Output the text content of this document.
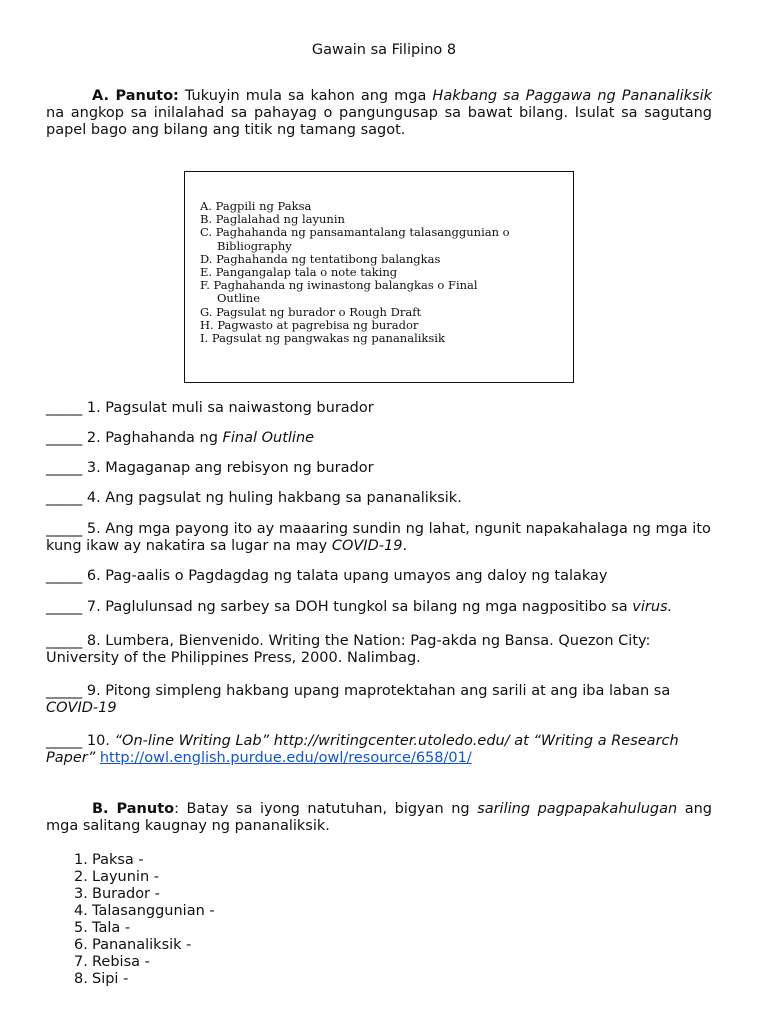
Gawain sa Filipino 8
A. Panuto: Tukuyin mula sa kahon ang mga Hakbang sa Paggawa ng Pananaliksik na angkop sa inilalahad sa pahayag o pangungusap sa bawat bilang. Isulat sa sagutang papel bago ang bilang ang titik ng tamang sagot.
A. Pagpili ng Paksa
B. Paglalahad ng layunin
C. Paghahanda ng pansamantalang talasanggunian o
Bibliography
D. Paghahanda ng tentatibong balangkas
E. Pangangalap tala o note taking
F. Paghahanda ng iwinastong balangkas o Final
Outline
G. Pagsulat ng burador o Rough Draft
H. Pagwasto at pagrebisa ng burador
I. Pagsulat ng pangwakas ng pananaliksik
_____ 1. Pagsulat muli sa naiwastong burador
_____ 2. Paghahanda ng Final Outline
_____ 3. Magaganap ang rebisyon ng burador
_____ 4. Ang pagsulat ng huling hakbang sa pananaliksik.
_____ 5. Ang mga payong ito ay maaaring sundin ng lahat, ngunit napakahalaga ng mga ito kung ikaw ay nakatira sa lugar na may COVID-19.
_____ 6. Pag-aalis o Pagdagdag ng talata upang umayos ang daloy ng talakay
_____ 7. Paglulunsad ng sarbey sa DOH tungkol sa bilang ng mga nagpositibo sa virus.
_____ 8. Lumbera, Bienvenido. Writing the Nation: Pag-akda ng Bansa. Quezon City: University of the Philippines Press, 2000. Nalimbag.
_____ 9. Pitong simpleng hakbang upang maprotektahan ang sarili at ang iba laban sa COVID-19
_____ 10. “On-line Writing Lab” http://writingcenter.utoledo.edu/ at “Writing a Research Paper” http://owl.english.purdue.edu/owl/resource/658/01/
B. Panuto: Batay sa iyong natutuhan, bigyan ng sariling pagpapakahulugan ang mga salitang kaugnay ng pananaliksik.
1. Paksa -
2. Layunin -
3. Burador -
4. Talasanggunian -
5. Tala -
6. Pananaliksik -
7. Rebisa -
8. Sipi -
